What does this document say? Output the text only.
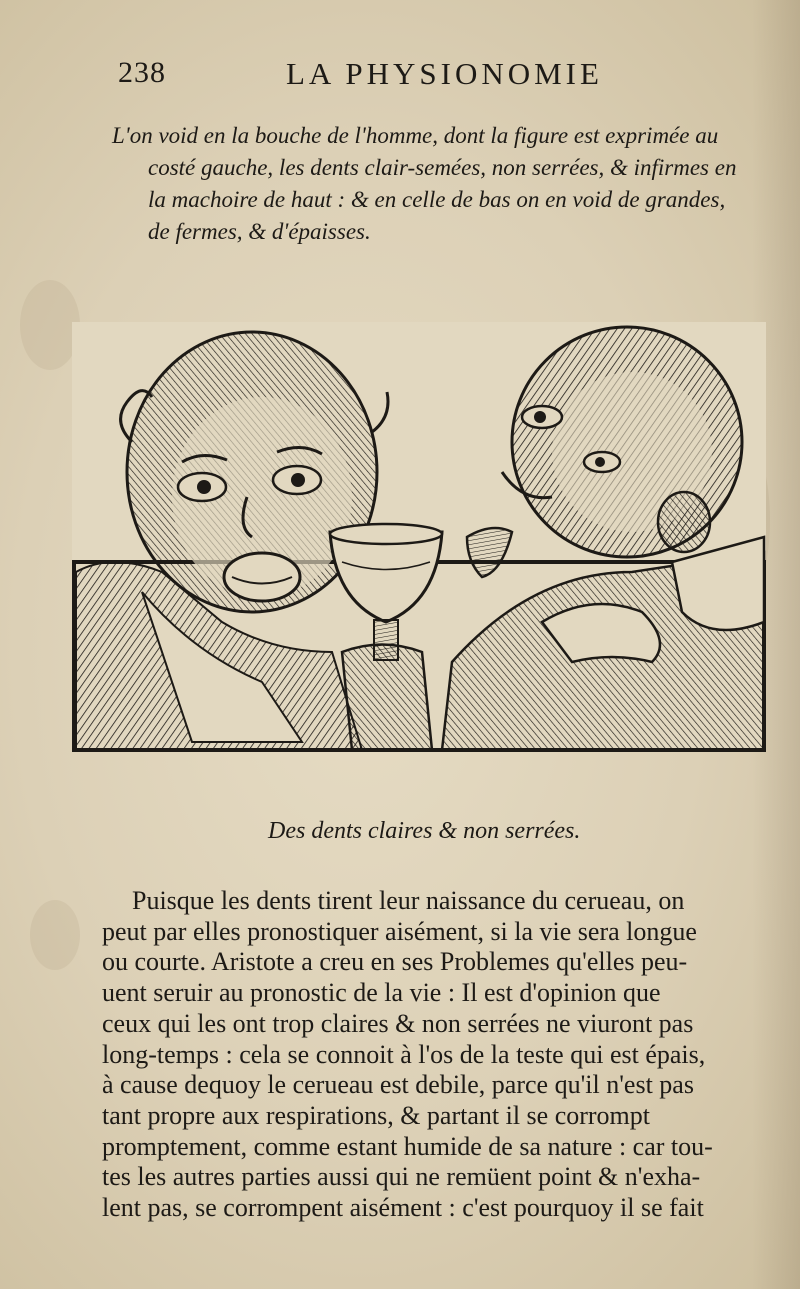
238	LA PHYSIONOMIE
L'on void en la bouche de l'homme, dont la figure est exprimée au
costé gauche, les dents clair-semées, non serrées, & infirmes en
la machoire de haut : & en celle de bas on en void de grandes,
de fermes, & d'épaisses.
Des dents claires & non serrées.
Puisque les dents tirent leur naissance du cerueau, on
peut par elles pronostiquer aisément, si la vie sera longue
ou courte. Aristote a creu en ses Problemes qu'elles peu-
uent seruir au pronostic de la vie : Il est d'opinion que
ceux qui les ont trop claires & non serrées ne viuront pas
long-temps : cela se connoit à l'os de la teste qui est épais,
à cause dequoy le cerueau est debile, parce qu'il n'est pas
tant propre aux respirations, & partant il se corrompt
promptement, comme estant humide de sa nature : car tou-
tes les autres parties aussi qui ne remüent point & n'exha-
lent pas, se corrompent aisément : c'est pourquoy il se fait
